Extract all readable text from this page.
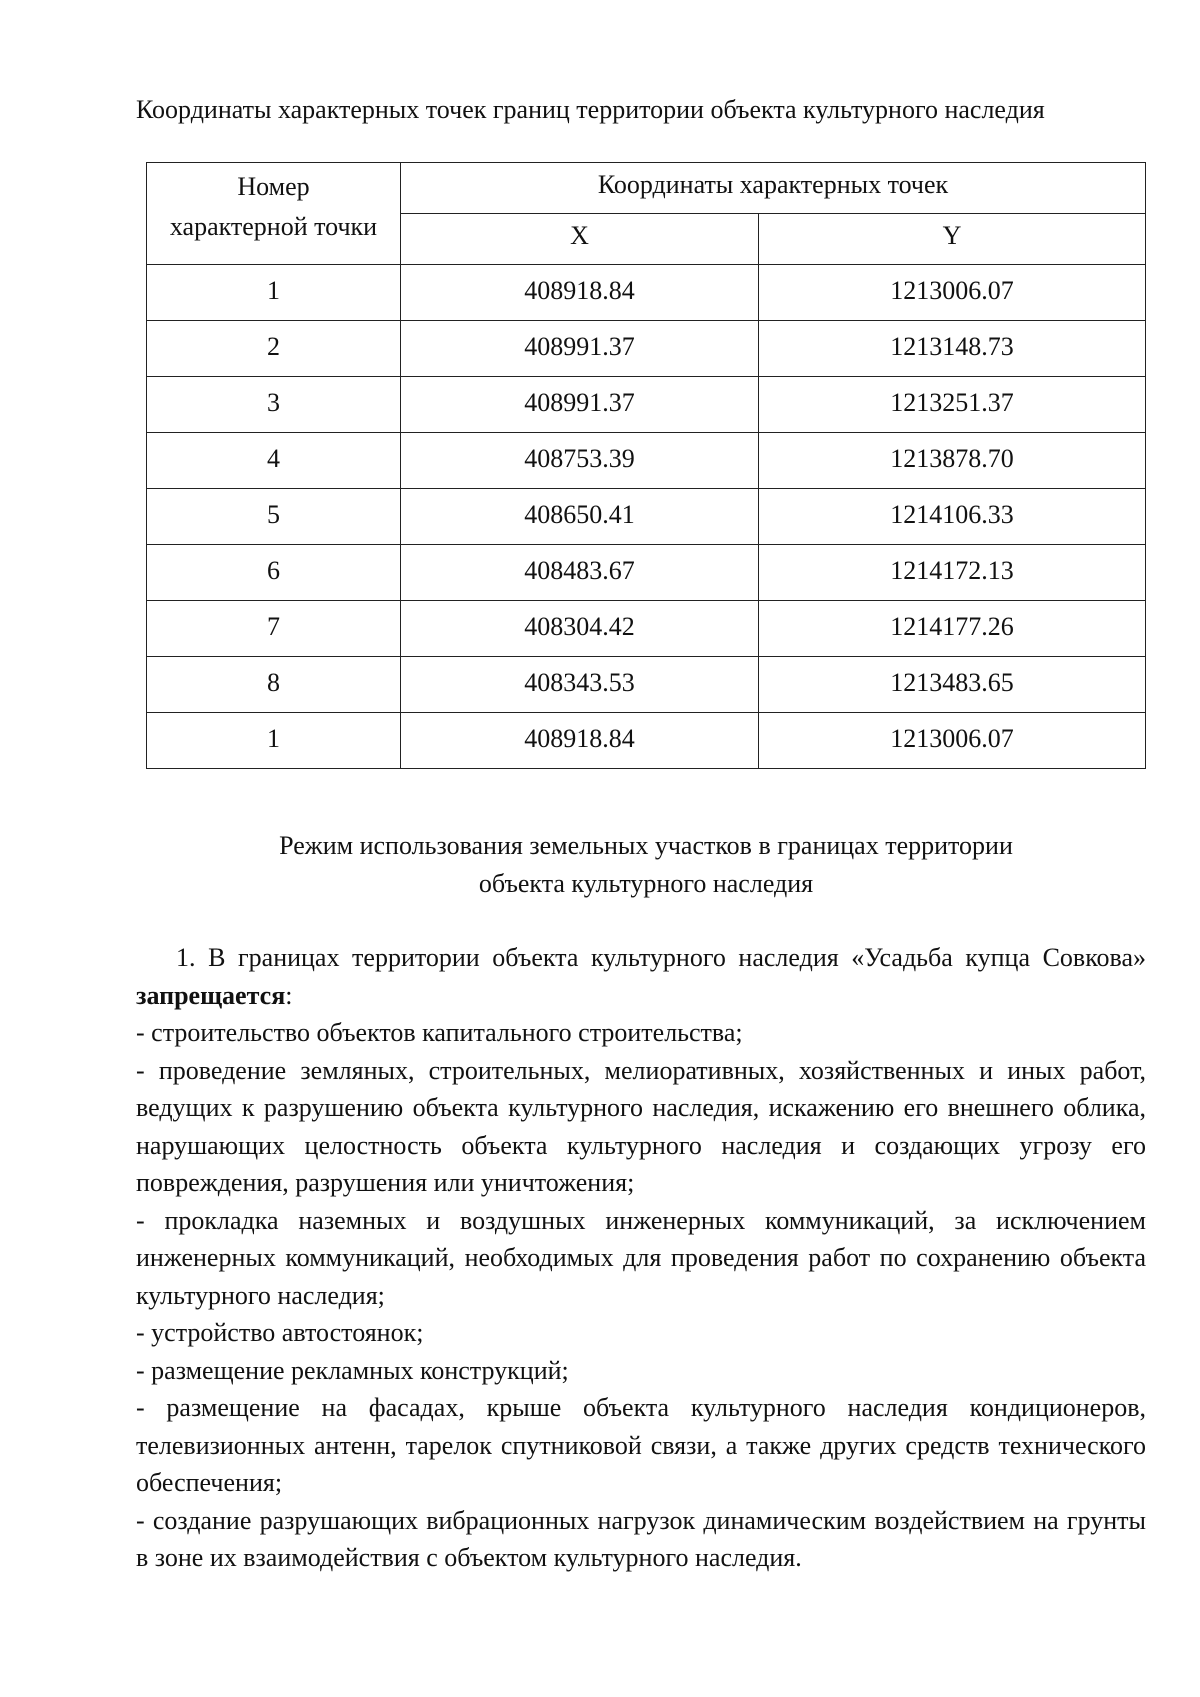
Координаты характерных точек границ территории объекта культурного наследия
Номер
характерной точки	Координаты характерных точек	
	X	Y
1	408918.84	1213006.07
2	408991.37	1213148.73
3	408991.37	1213251.37
4	408753.39	1213878.70
5	408650.41	1214106.33
6	408483.67	1214172.13
7	408304.42	1214177.26
8	408343.53	1213483.65
1	408918.84	1213006.07
Режим использования земельных участков в границах территории
объекта культурного наследия

1. В границах территории объекта культурного наследия «Усадьба купца Совкова» запрещается:

- строительство объектов капитального строительства;

- проведение земляных, строительных, мелиоративных, хозяйственных и иных работ, ведущих к разрушению объекта культурного наследия, искажению его внешнего облика, нарушающих целостность объекта культурного наследия и создающих угрозу его повреждения, разрушения или уничтожения;

- прокладка наземных и воздушных инженерных коммуникаций, за исключением инженерных коммуникаций, необходимых для проведения работ по сохранению объекта культурного наследия;

- устройство автостоянок;

- размещение рекламных конструкций;

- размещение на фасадах, крыше объекта культурного наследия кондиционеров, телевизионных антенн, тарелок спутниковой связи, а также других средств технического обеспечения;

- создание разрушающих вибрационных нагрузок динамическим воздействием на грунты в зоне их взаимодействия с объектом культурного наследия.
